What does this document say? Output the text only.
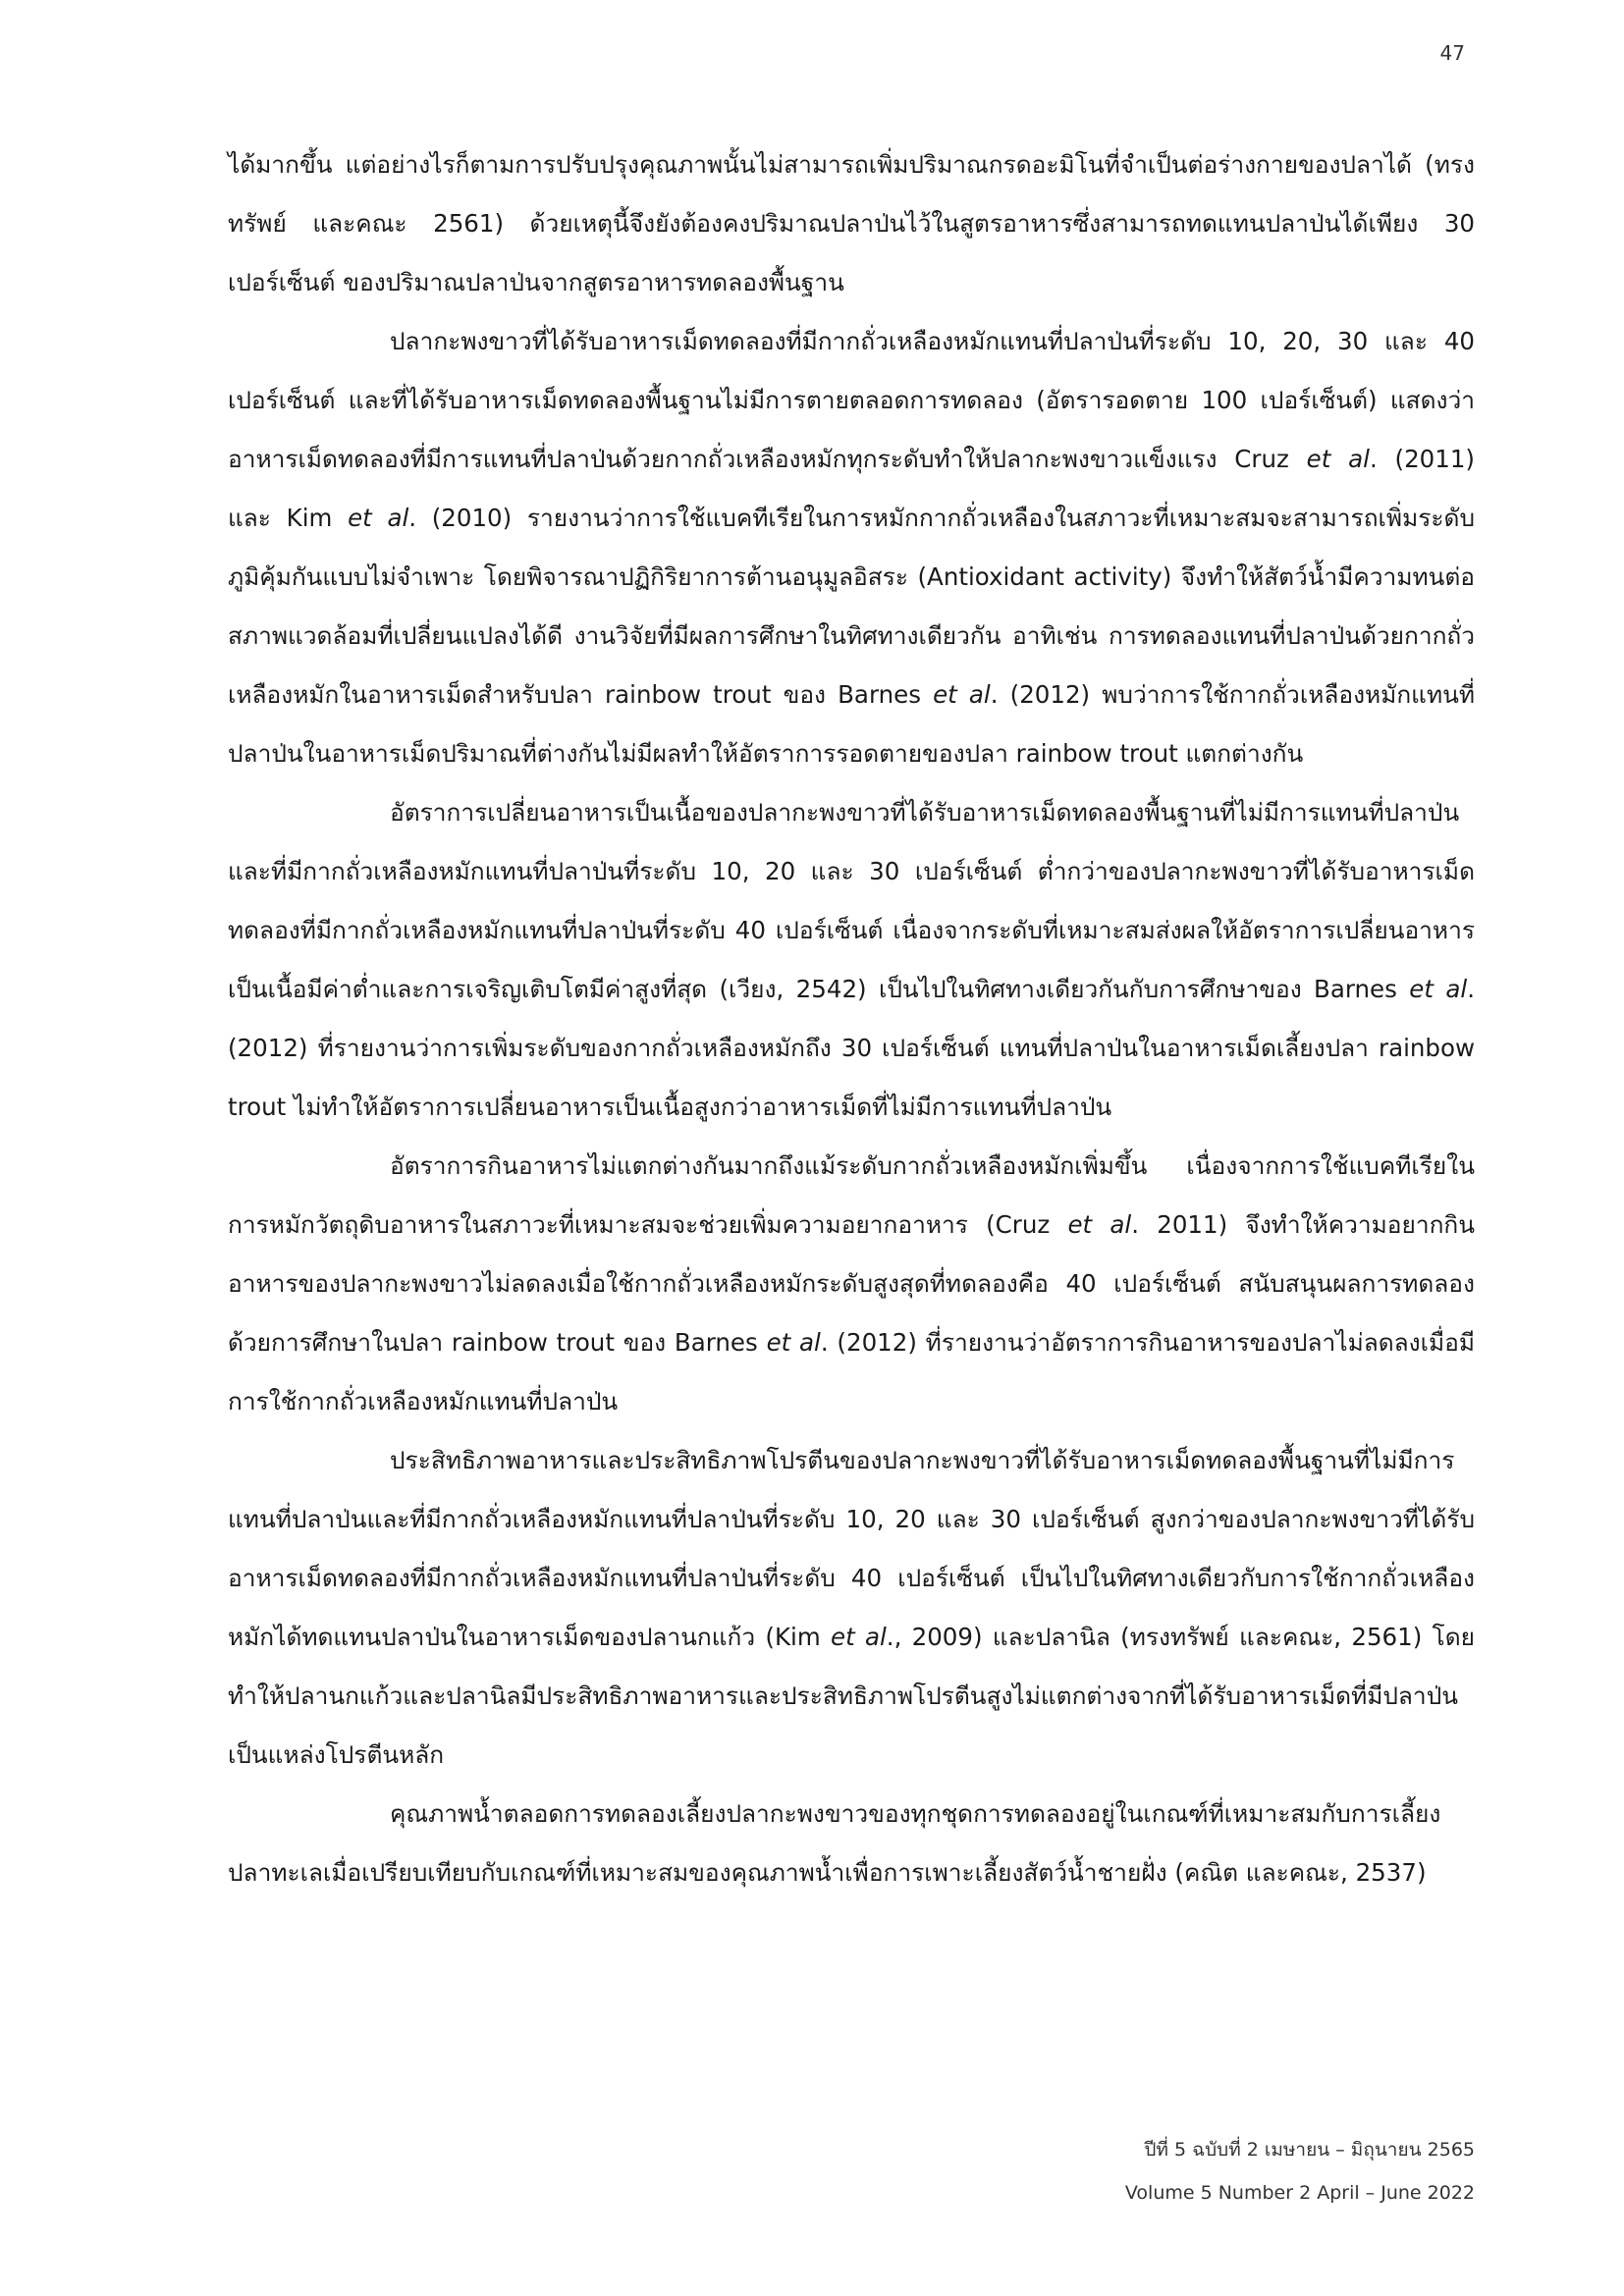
47

ได้มากขึ้น แต่อย่างไรก็ตามการปรับปรุงคุณภาพนั้นไม่สามารถเพิ่มปริมาณกรดอะมิโนที่จำเป็นต่อร่างกายของปลาได้ (ทรงทรัพย์ และคณะ 2561) ด้วยเหตุนี้จึงยังต้องคงปริมาณปลาป่นไว้ในสูตรอาหารซึ่งสามารถทดแทนปลาป่นได้เพียง 30 เปอร์เซ็นต์ ของปริมาณปลาป่นจากสูตรอาหารทดลองพื้นฐาน

ปลากะพงขาวที่ได้รับอาหารเม็ดทดลองที่มีกากถั่วเหลืองหมักแทนที่ปลาป่นที่ระดับ 10, 20, 30 และ 40 เปอร์เซ็นต์ และที่ได้รับอาหารเม็ดทดลองพื้นฐานไม่มีการตายตลอดการทดลอง (อัตรารอดตาย 100 เปอร์เซ็นต์) แสดงว่าอาหารเม็ดทดลองที่มีการแทนที่ปลาป่นด้วยกากถั่วเหลืองหมักทุกระดับทำให้ปลากะพงขาวแข็งแรง Cruz et al. (2011) และ Kim et al. (2010) รายงานว่าการใช้แบคทีเรียในการหมักกากถั่วเหลืองในสภาวะที่เหมาะสมจะสามารถเพิ่มระดับภูมิคุ้มกันแบบไม่จำเพาะ โดยพิจารณาปฏิกิริยาการต้านอนุมูลอิสระ (Antioxidant activity) จึงทำให้สัตว์น้ำมีความทนต่อสภาพแวดล้อมที่เปลี่ยนแปลงได้ดี งานวิจัยที่มีผลการศึกษาในทิศทางเดียวกัน อาทิเช่น การทดลองแทนที่ปลาป่นด้วยกากถั่วเหลืองหมักในอาหารเม็ดสำหรับปลา rainbow trout ของ Barnes et al. (2012) พบว่าการใช้กากถั่วเหลืองหมักแทนที่ปลาป่นในอาหารเม็ดปริมาณที่ต่างกันไม่มีผลทำให้อัตราการรอดตายของปลา rainbow trout แตกต่างกัน

อัตราการเปลี่ยนอาหารเป็นเนื้อของปลากะพงขาวที่ได้รับอาหารเม็ดทดลองพื้นฐานที่ไม่มีการแทนที่ปลาป่นและที่มีกากถั่วเหลืองหมักแทนที่ปลาป่นที่ระดับ 10, 20 และ 30 เปอร์เซ็นต์ ต่ำกว่าของปลากะพงขาวที่ได้รับอาหารเม็ดทดลองที่มีกากถั่วเหลืองหมักแทนที่ปลาป่นที่ระดับ 40 เปอร์เซ็นต์ เนื่องจากระดับที่เหมาะสมส่งผลให้อัตราการเปลี่ยนอาหารเป็นเนื้อมีค่าต่ำและการเจริญเติบโตมีค่าสูงที่สุด (เวียง, 2542) เป็นไปในทิศทางเดียวกันกับการศึกษาของ Barnes et al. (2012) ที่รายงานว่าการเพิ่มระดับของกากถั่วเหลืองหมักถึง 30 เปอร์เซ็นต์ แทนที่ปลาป่นในอาหารเม็ดเลี้ยงปลา rainbow trout ไม่ทำให้อัตราการเปลี่ยนอาหารเป็นเนื้อสูงกว่าอาหารเม็ดที่ไม่มีการแทนที่ปลาป่น

อัตราการกินอาหารไม่แตกต่างกันมากถึงแม้ระดับกากถั่วเหลืองหมักเพิ่มขึ้น เนื่องจากการใช้แบคทีเรียในการหมักวัตถุดิบอาหารในสภาวะที่เหมาะสมจะช่วยเพิ่มความอยากอาหาร (Cruz et al. 2011) จึงทำให้ความอยากกินอาหารของปลากะพงขาวไม่ลดลงเมื่อใช้กากถั่วเหลืองหมักระดับสูงสุดที่ทดลองคือ 40 เปอร์เซ็นต์ สนับสนุนผลการทดลองด้วยการศึกษาในปลา rainbow trout ของ Barnes et al. (2012) ที่รายงานว่าอัตราการกินอาหารของปลาไม่ลดลงเมื่อมีการใช้กากถั่วเหลืองหมักแทนที่ปลาป่น

ประสิทธิภาพอาหารและประสิทธิภาพโปรตีนของปลากะพงขาวที่ได้รับอาหารเม็ดทดลองพื้นฐานที่ไม่มีการแทนที่ปลาป่นและที่มีกากถั่วเหลืองหมักแทนที่ปลาป่นที่ระดับ 10, 20 และ 30 เปอร์เซ็นต์ สูงกว่าของปลากะพงขาวที่ได้รับอาหารเม็ดทดลองที่มีกากถั่วเหลืองหมักแทนที่ปลาป่นที่ระดับ 40 เปอร์เซ็นต์ เป็นไปในทิศทางเดียวกับการใช้กากถั่วเหลืองหมักได้ทดแทนปลาป่นในอาหารเม็ดของปลานกแก้ว (Kim et al., 2009) และปลานิล (ทรงทรัพย์ และคณะ, 2561) โดยทำให้ปลานกแก้วและปลานิลมีประสิทธิภาพอาหารและประสิทธิภาพโปรตีนสูงไม่แตกต่างจากที่ได้รับอาหารเม็ดที่มีปลาป่นเป็นแหล่งโปรตีนหลัก

คุณภาพน้ำตลอดการทดลองเลี้ยงปลากะพงขาวของทุกชุดการทดลองอยู่ในเกณฑ์ที่เหมาะสมกับการเลี้ยงปลาทะเลเมื่อเปรียบเทียบกับเกณฑ์ที่เหมาะสมของคุณภาพน้ำเพื่อการเพาะเลี้ยงสัตว์น้ำชายฝั่ง (คณิต และคณะ, 2537)

ปีที่ 5 ฉบับที่ 2 เมษายน – มิถุนายน 2565
Volume 5 Number 2 April – June 2022
